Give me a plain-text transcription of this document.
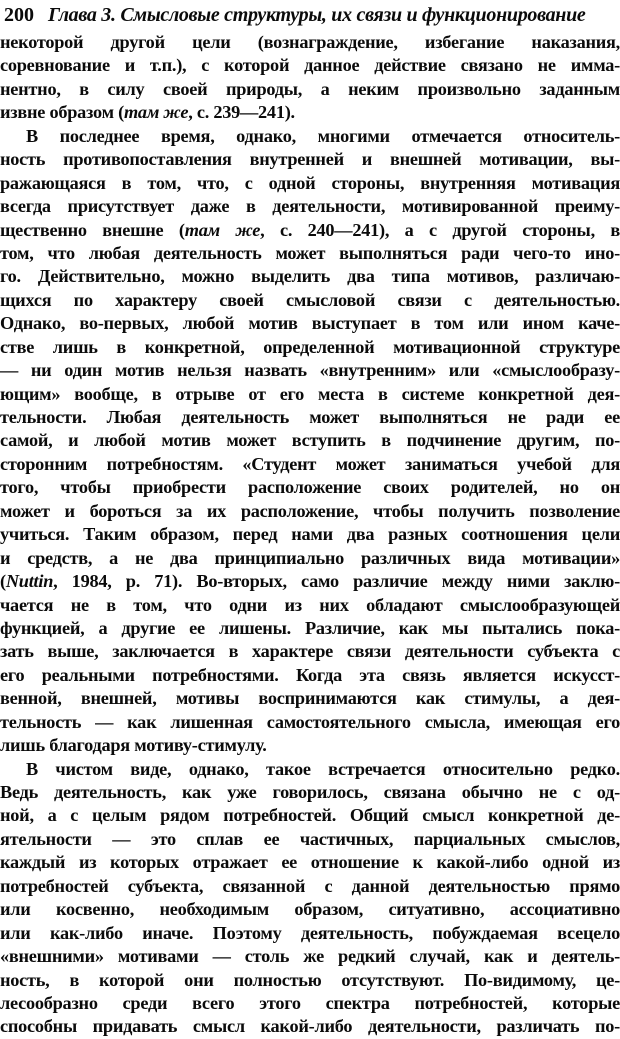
200 Глава 3. Смысловые структуры, их связи и функционирование
некоторой другой цели (вознаграждение, избегание наказания,
соревнование и т.п.), с которой данное действие связано не имма-
нентно, в силу своей природы, а неким произвольно заданным
извне образом (там же, с. 239—241).
В последнее время, однако, многими отмечается относитель-
ность противопоставления внутренней и внешней мотивации, вы-
ражающаяся в том, что, с одной стороны, внутренняя мотивация
всегда присутствует даже в деятельности, мотивированной преиму-
щественно внешне (там же, с. 240—241), а с другой стороны, в
том, что любая деятельность может выполняться ради чего-то ино-
го. Действительно, можно выделить два типа мотивов, различаю-
щихся по характеру своей смысловой связи с деятельностью.
Однако, во-первых, любой мотив выступает в том или ином каче-
стве лишь в конкретной, определенной мотивационной структуре
— ни один мотив нельзя назвать «внутренним» или «смыслообразу-
ющим» вообще, в отрыве от его места в системе конкретной дея-
тельности. Любая деятельность может выполняться не ради ее
самой, и любой мотив может вступить в подчинение другим, по-
сторонним потребностям. «Студент может заниматься учебой для
того, чтобы приобрести расположение своих родителей, но он
может и бороться за их расположение, чтобы получить позволение
учиться. Таким образом, перед нами два разных соотношения цели
и средств, а не два принципиально различных вида мотивации»
(Nuttin, 1984, p. 71). Во-вторых, само различие между ними заклю-
чается не в том, что одни из них обладают смыслообразующей
функцией, а другие ее лишены. Различие, как мы пытались пока-
зать выше, заключается в характере связи деятельности субъекта с
его реальными потребностями. Когда эта связь является искусст-
венной, внешней, мотивы воспринимаются как стимулы, а дея-
тельность — как лишенная самостоятельного смысла, имеющая его
лишь благодаря мотиву-стимулу.
В чистом виде, однако, такое встречается относительно редко.
Ведь деятельность, как уже говорилось, связана обычно не с од-
ной, а с целым рядом потребностей. Общий смысл конкретной де-
ятельности — это сплав ее частичных, парциальных смыслов,
каждый из которых отражает ее отношение к какой-либо одной из
потребностей субъекта, связанной с данной деятельностью прямо
или косвенно, необходимым образом, ситуативно, ассоциативно
или как-либо иначе. Поэтому деятельность, побуждаемая всецело
«внешними» мотивами — столь же редкий случай, как и деятель-
ность, в которой они полностью отсутствуют. По-видимому, це-
лесообразно среди всего этого спектра потребностей, которые
способны придавать смысл какой-либо деятельности, различать по-
